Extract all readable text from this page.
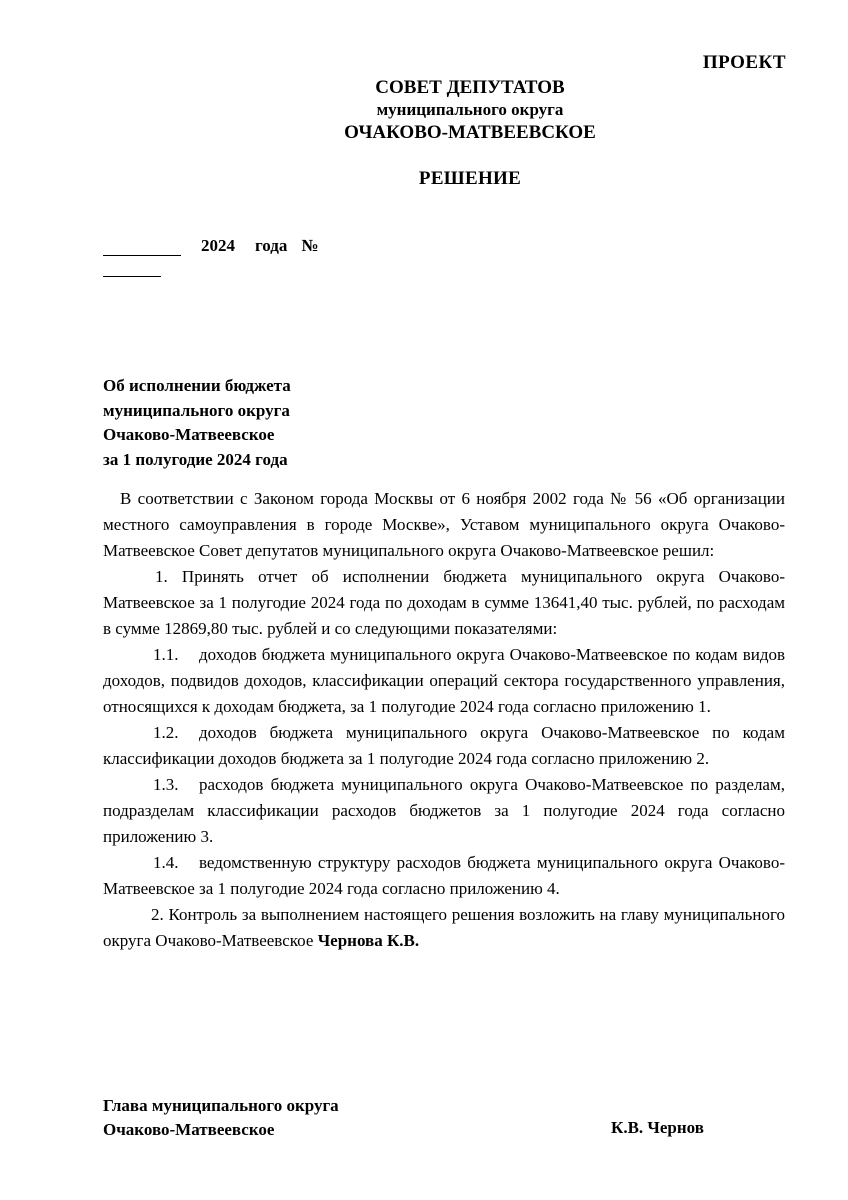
ПРОЕКТ
СОВЕТ ДЕПУТАТОВ
муниципального округа
ОЧАКОВО-МАТВЕЕВСКОЕ
РЕШЕНИЕ
2024 года №
Об исполнении бюджета
муниципального округа
Очаково-Матвеевское
за 1 полугодие 2024 года

В соответствии с Законом города Москвы от 6 ноября 2002 года № 56 «Об организации местного самоуправления в городе Москве», Уставом муниципального округа Очаково-Матвеевское Совет депутатов муниципального округа Очаково-Матвеевское решил:

1. Принять отчет об исполнении бюджета муниципального округа Очаково-Матвеевское за 1 полугодие 2024 года по доходам в сумме 13641,40 тыс. рублей, по расходам в сумме 12869,80 тыс. рублей и со следующими показателями:

1.1. доходов бюджета муниципального округа Очаково-Матвеевское по кодам видов доходов, подвидов доходов, классификации операций сектора государственного управления, относящихся к доходам бюджета, за 1 полугодие 2024 года согласно приложению 1.

1.2. доходов бюджета муниципального округа Очаково-Матвеевское по кодам классификации доходов бюджета за 1 полугодие 2024 года согласно приложению 2.

1.3. расходов бюджета муниципального округа Очаково-Матвеевское по разделам, подразделам классификации расходов бюджетов за 1 полугодие 2024 года согласно приложению 3.

1.4. ведомственную структуру расходов бюджета муниципального округа Очаково-Матвеевское за 1 полугодие 2024 года согласно приложению 4.

2. Контроль за выполнением настоящего решения возложить на главу муниципального округа Очаково-Матвеевское Чернова К.В.

Глава муниципального округа
Очаково-Матвеевское	К.В. Чернов
